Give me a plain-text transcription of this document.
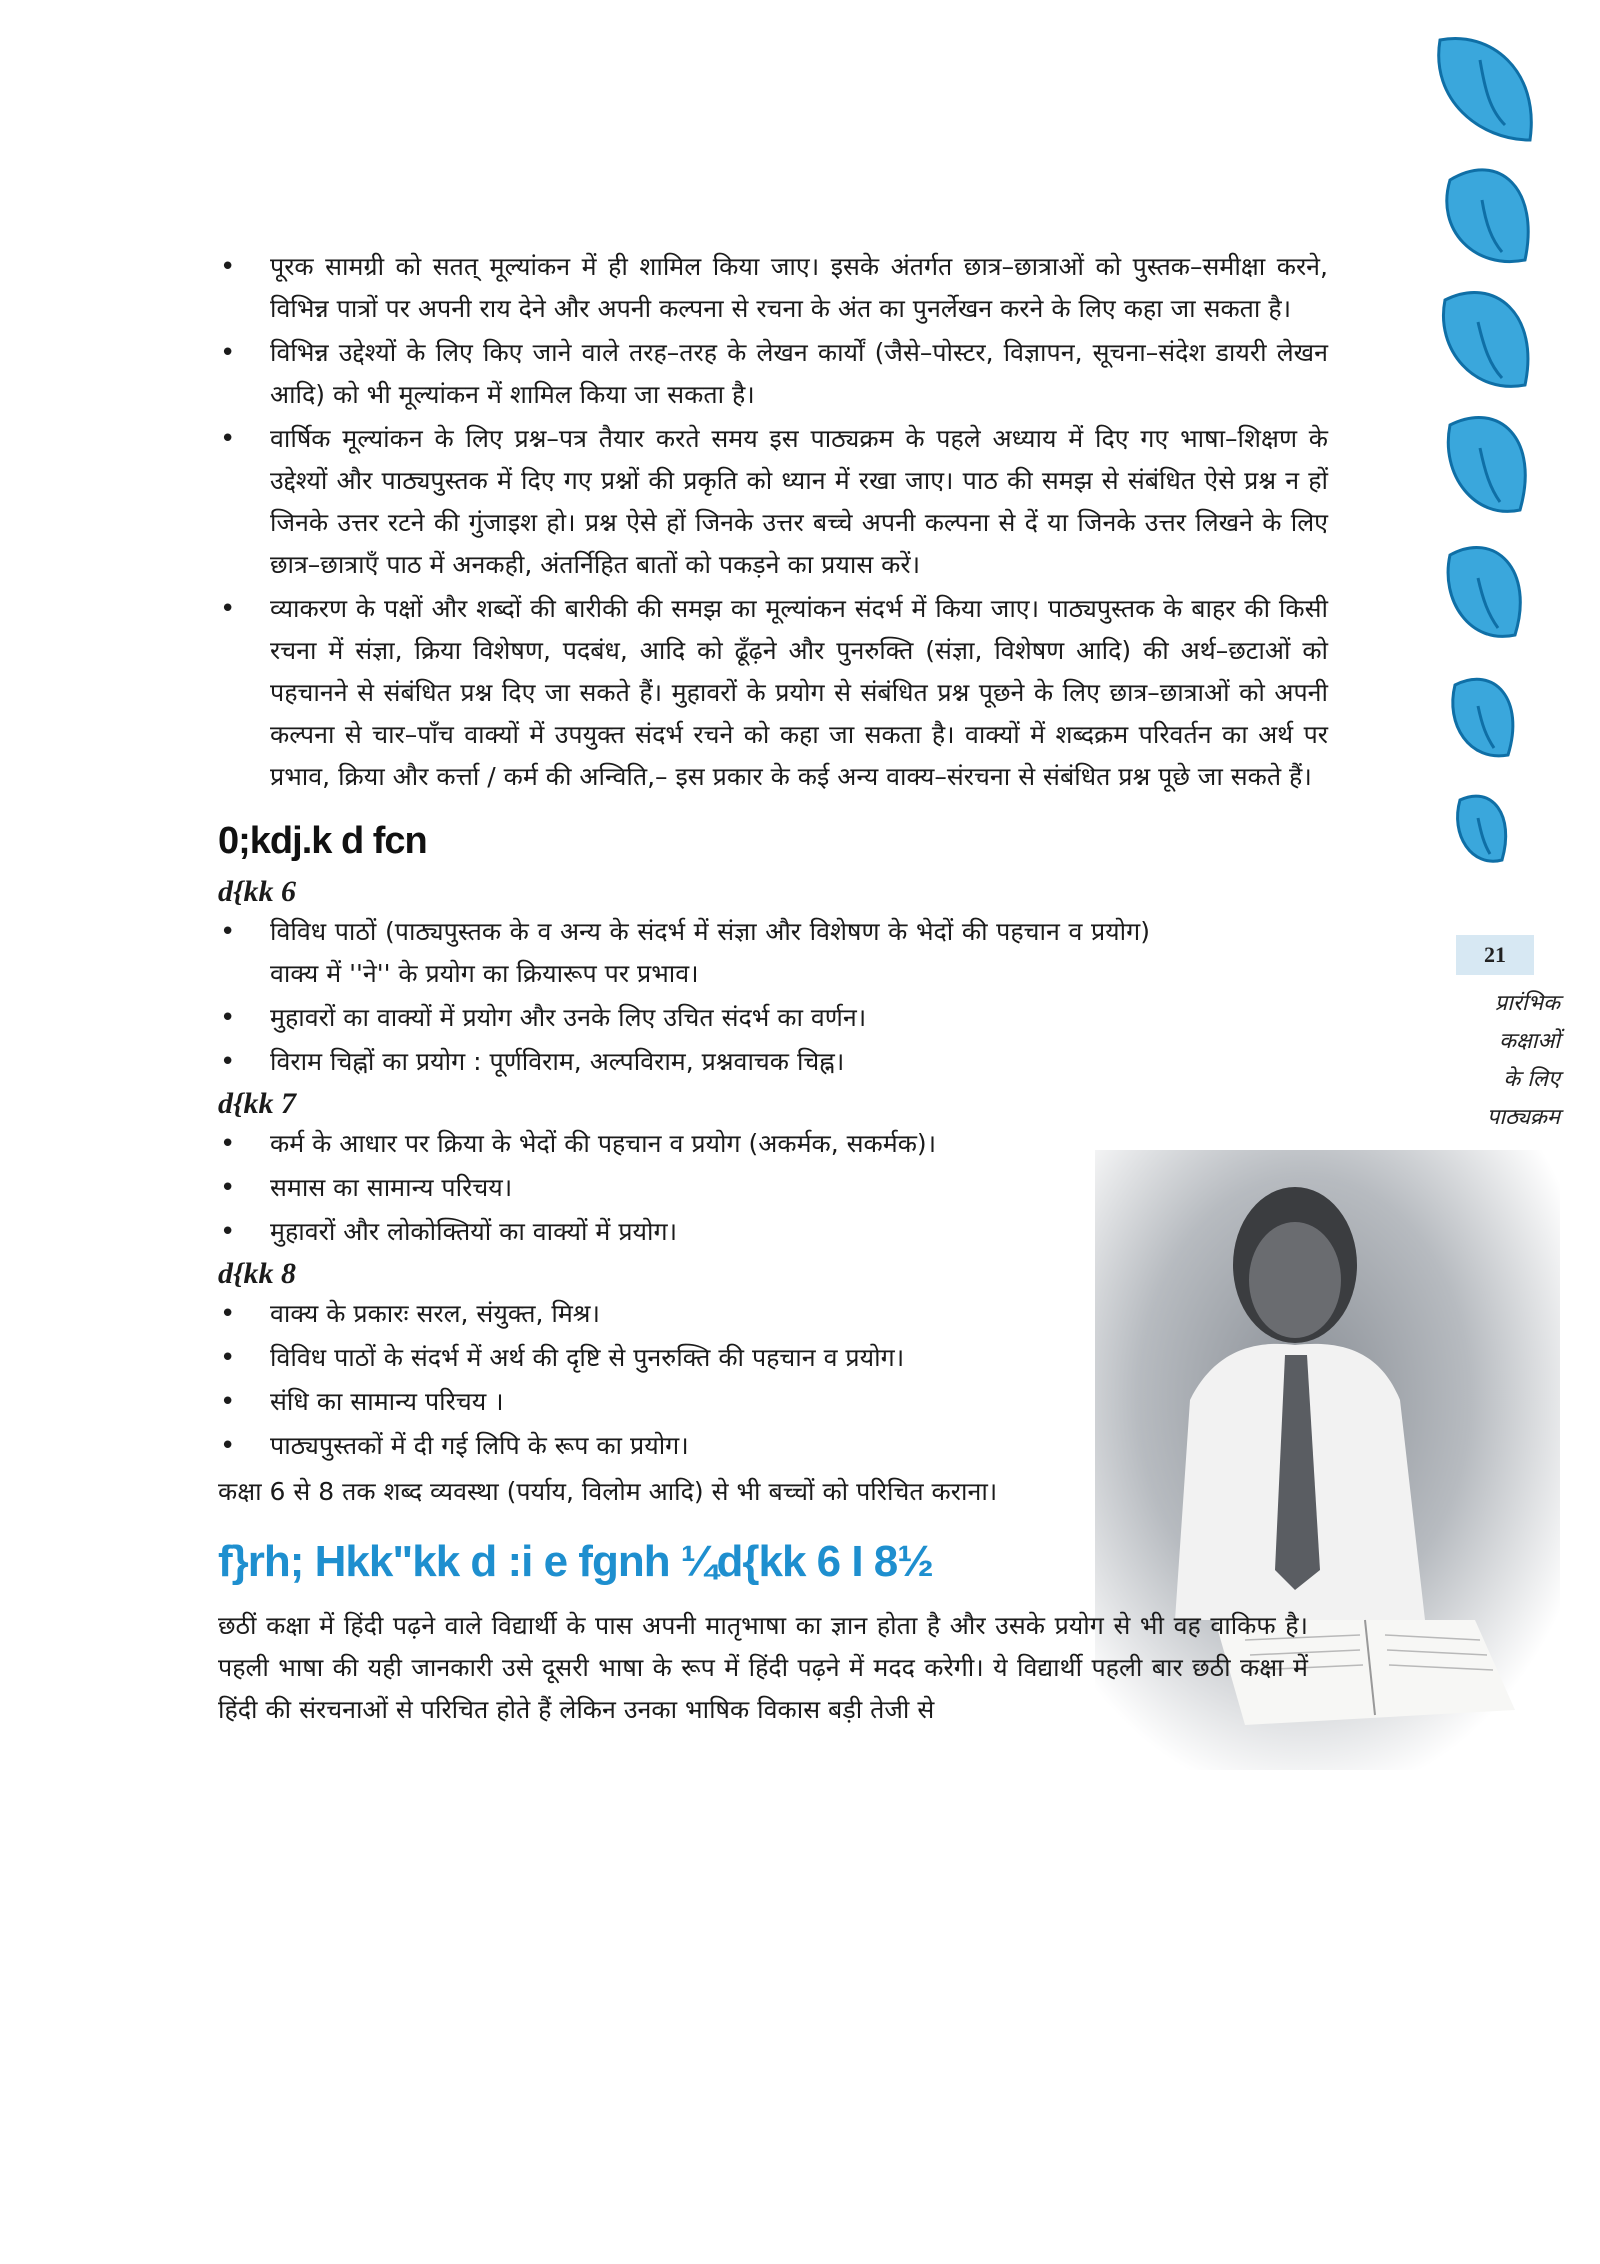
21
प्रारंभिक
कक्षाओं
के लिए
पाठ्यक्रम
• पूरक सामग्री को सतत् मूल्यांकन में ही शामिल किया जाए। इसके अंतर्गत छात्र–छात्राओं को पुस्तक–समीक्षा करने, विभिन्न पात्रों पर अपनी राय देने और अपनी कल्पना से रचना के अंत का पुनर्लेखन करने के लिए कहा जा सकता है।
• विभिन्न उद्देश्यों के लिए किए जाने वाले तरह–तरह के लेखन कार्यों (जैसे–पोस्टर, विज्ञापन, सूचना–संदेश डायरी लेखन आदि) को भी मूल्यांकन में शामिल किया जा सकता है।
• वार्षिक मूल्यांकन के लिए प्रश्न–पत्र तैयार करते समय इस पाठ्यक्रम के पहले अध्याय में दिए गए भाषा–शिक्षण के उद्देश्यों और पाठ्यपुस्तक में दिए गए प्रश्नों की प्रकृति को ध्यान में रखा जाए। पाठ की समझ से संबंधित ऐसे प्रश्न न हों जिनके उत्तर रटने की गुंजाइश हो। प्रश्न ऐसे हों जिनके उत्तर बच्चे अपनी कल्पना से दें या जिनके उत्तर लिखने के लिए छात्र–छात्राएँ पाठ में अनकही, अंतर्निहित बातों को पकड़ने का प्रयास करें।
• व्याकरण के पक्षों और शब्दों की बारीकी की समझ का मूल्यांकन संदर्भ में किया जाए। पाठ्यपुस्तक के बाहर की किसी रचना में संज्ञा, क्रिया विशेषण, पदबंध, आदि को ढूँढ़ने और पुनरुक्ति (संज्ञा, विशेषण आदि) की अर्थ–छटाओं को पहचानने से संबंधित प्रश्न दिए जा सकते हैं। मुहावरों के प्रयोग से संबंधित प्रश्न पूछने के लिए छात्र–छात्राओं को अपनी कल्पना से चार–पाँच वाक्यों में उपयुक्त संदर्भ रचने को कहा जा सकता है। वाक्यों में शब्दक्रम परिवर्तन का अर्थ पर प्रभाव, क्रिया और कर्त्ता / कर्म की अन्विति,– इस प्रकार के कई अन्य वाक्य–संरचना से संबंधित प्रश्न पूछे जा सकते हैं।
0;kdj.k d fcn
d{kk 6
• विविध पाठों (पाठ्यपुस्तक के व अन्य के संदर्भ में संज्ञा और विशेषण के भेदों की पहचान व प्रयोग) वाक्य में ''ने'' के प्रयोग का क्रियारूप पर प्रभाव।
• मुहावरों का वाक्यों में प्रयोग और उनके लिए उचित संदर्भ का वर्णन।
• विराम चिह्नों का प्रयोग : पूर्णविराम, अल्पविराम, प्रश्नवाचक चिह्न।
d{kk 7
• कर्म के आधार पर क्रिया के भेदों की पहचान व प्रयोग (अकर्मक, सकर्मक)।
• समास का सामान्य परिचय।
• मुहावरों और लोकोक्तियों का वाक्यों में प्रयोग।
d{kk 8
• वाक्य के प्रकारः सरल, संयुक्त, मिश्र।
• विविध पाठों के संदर्भ में अर्थ की दृष्टि से पुनरुक्ति की पहचान व प्रयोग।
• संधि का सामान्य परिचय ।
• पाठ्यपुस्तकों में दी गई लिपि के रूप का प्रयोग।

कक्षा 6 से 8 तक शब्द व्यवस्था (पर्याय, विलोम आदि) से भी बच्चों को परिचित कराना।

f}rh; Hkk"kk d :i e fgnh ¼d{kk 6 I 8½

छठीं कक्षा में हिंदी पढ़ने वाले विद्यार्थी के पास अपनी मातृभाषा का ज्ञान होता है और उसके प्रयोग से भी वह वाकिफ है। पहली भाषा की यही जानकारी उसे दूसरी भाषा के रूप में हिंदी पढ़ने में मदद करेगी। ये विद्यार्थी पहली बार छठी कक्षा में हिंदी की संरचनाओं से परिचित होते हैं लेकिन उनका भाषिक विकास बड़ी तेजी से
